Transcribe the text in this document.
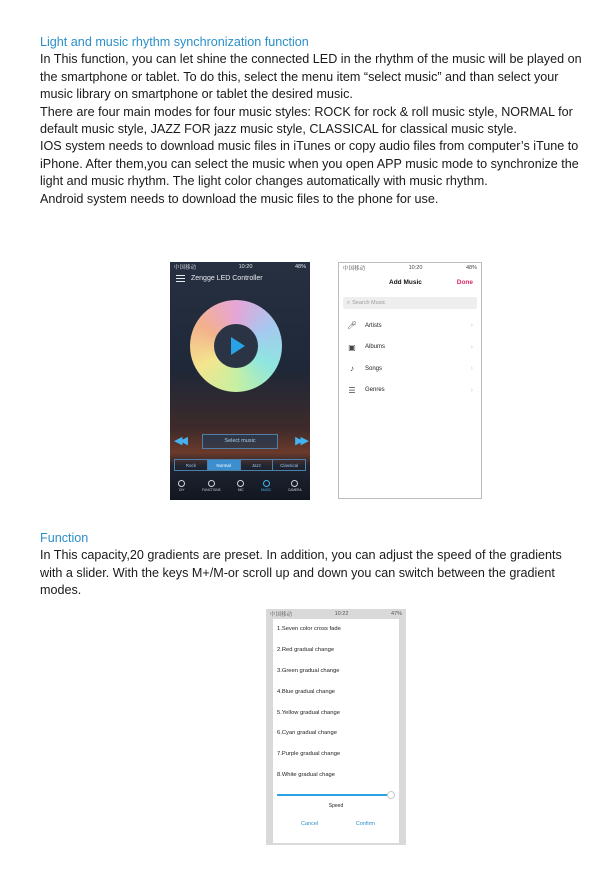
Light and music rhythm synchronization function

In This function, you can let shine the connected LED in the rhythm of the music will be played on the smartphone or tablet. To do this, select the menu item “select music” and than select your music library on smartphone or tablet the desired music.

There are four main modes for four music styles: ROCK for rock & roll music style, NORMAL for default music style, JAZZ FOR jazz music style, CLASSICAL for classical music style.

IOS system needs to download music files in iTunes or copy audio files from computer’s iTune to iPhone. After them,you can select the music when you open APP music mode to synchronize the light and music rhythm. The light color changes automatically with music rhythm.

Android system needs to download the music files to the phone for use.

中国移动	10:20	48%
Zengge LED Controller
◀◀	Select music	▶▶
Rock	Normal	Jazz	Classical
DIY	FUNCTIONS	MIC	MUSIC	CAMERA
中国移动	10:20	48%
Add Music	Done
⌕ Search Music
🎤︎ Artists	›
▣ Albums	›
♪	Songs	›
☰ Genres	›
Function

In This capacity,20 gradients are preset. In addition, you can adjust the speed of the gradients with a slider. With the keys M+/M-or scroll up and down you can switch between the gradient modes.

中国移动	10:22	47%
1.Seven color cross fade
2.Red gradual change
3.Green gradual change
4.Blue gradual change
5.Yellow gradual change
6.Cyan gradual change
7.Purple gradual change
8.White gradual chage
Speed
Cancel	Confirm
